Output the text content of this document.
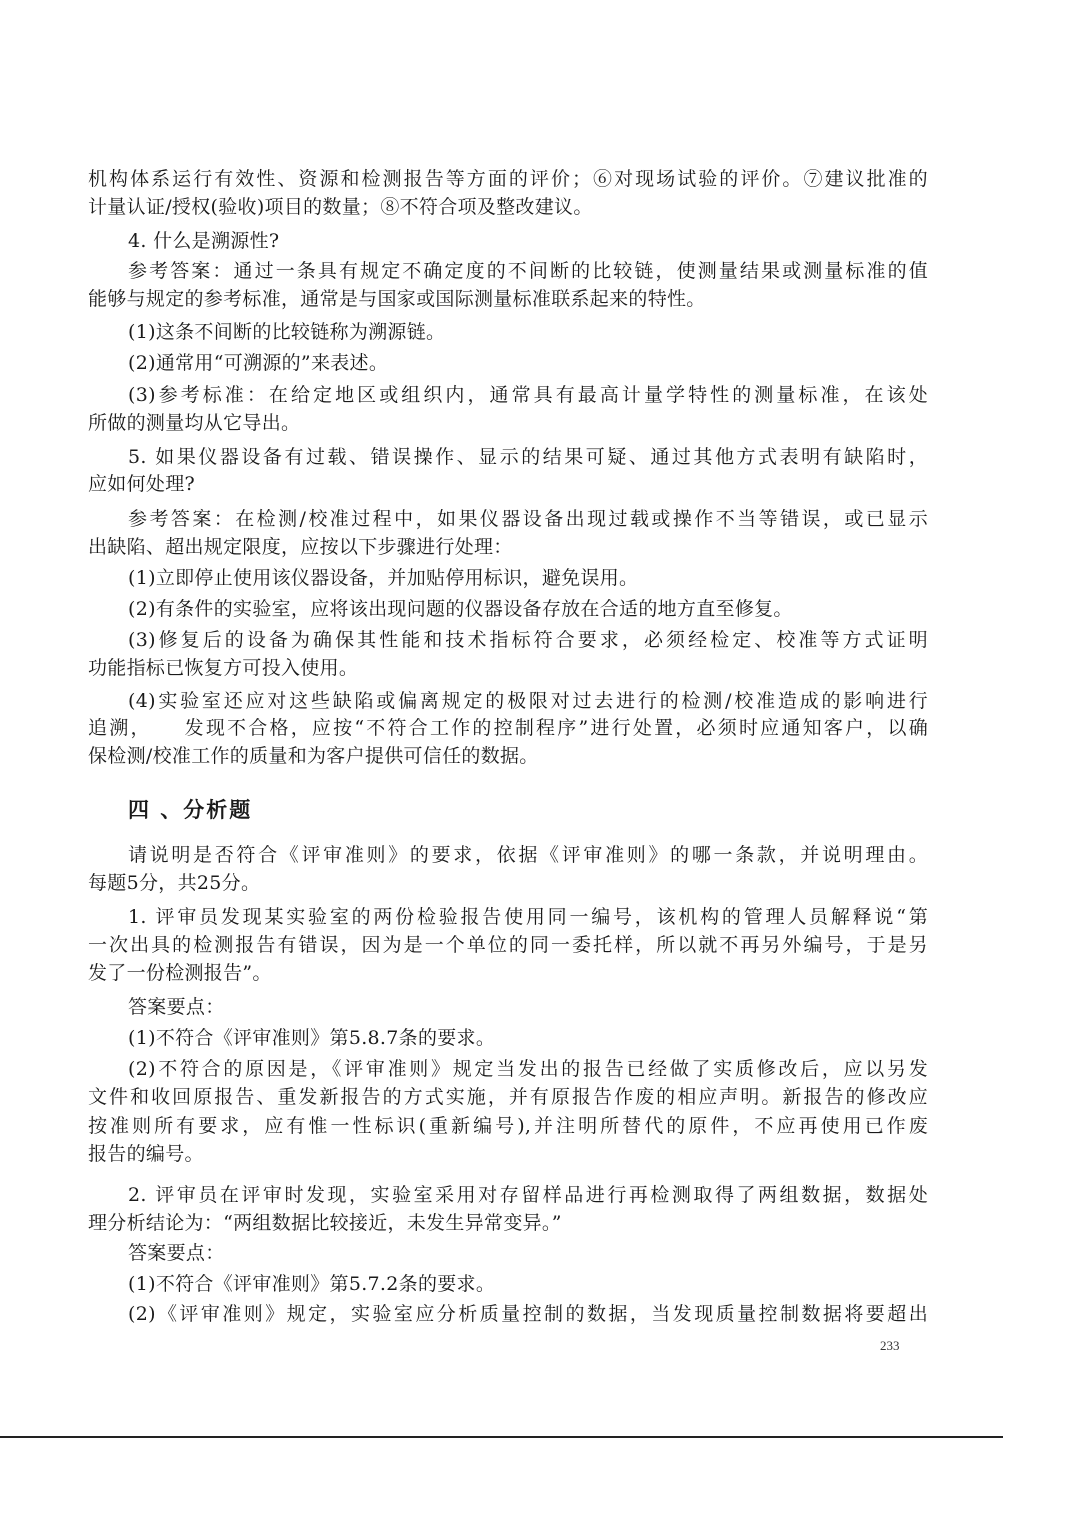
机构体系运行有效性、资源和检测报告等方面的评价；⑥对现场试验的评价。⑦建议批准的
计量认证/授权(验收)项目的数量；⑧不符合项及整改建议。
4. 什么是溯源性?
参考答案：通过一条具有规定不确定度的不间断的比较链，使测量结果或测量标准的值
能够与规定的参考标准，通常是与国家或国际测量标准联系起来的特性。
(1)这条不间断的比较链称为溯源链。
(2)通常用“可溯源的”来表述。
(3)参考标准：在给定地区或组织内，通常具有最高计量学特性的测量标准，在该处
所做的测量均从它导出。
5. 如果仪器设备有过载、错误操作、显示的结果可疑、通过其他方式表明有缺陷时，
应如何处理?
参考答案：在检测/校准过程中，如果仪器设备出现过载或操作不当等错误，或已显示
出缺陷、超出规定限度，应按以下步骤进行处理：
(1)立即停止使用该仪器设备，并加贴停用标识，避免误用。
(2)有条件的实验室，应将该出现问题的仪器设备存放在合适的地方直至修复。
(3)修复后的设备为确保其性能和技术指标符合要求，必须经检定、校准等方式证明
功能指标已恢复方可投入使用。
(4)实验室还应对这些缺陷或偏离规定的极限对过去进行的检测/校准造成的影响进行
追溯，　　发现不合格，应按“不符合工作的控制程序”进行处置，必须时应通知客户，以确
保检测/校准工作的质量和为客户提供可信任的数据。
四 、分析题
请说明是否符合《评审准则》的要求，依据《评审准则》的哪一条款，并说明理由。
每题5分，共25分。
1. 评审员发现某实验室的两份检验报告使用同一编号，该机构的管理人员解释说“第
一次出具的检测报告有错误，因为是一个单位的同一委托样，所以就不再另外编号，于是另
发了一份检测报告”。
答案要点：
(1)不符合《评审准则》第5.8.7条的要求。
(2)不符合的原因是，《评审准则》规定当发出的报告已经做了实质修改后，应以另发
文件和收回原报告、重发新报告的方式实施，并有原报告作废的相应声明。新报告的修改应
按准则所有要求，应有惟一性标识(重新编号),并注明所替代的原件，不应再使用已作废
报告的编号。
2. 评审员在评审时发现，实验室采用对存留样品进行再检测取得了两组数据，数据处
理分析结论为：“两组数据比较接近，未发生异常变异。”
答案要点：
(1)不符合《评审准则》第5.7.2条的要求。
(2)《评审准则》规定，实验室应分析质量控制的数据，当发现质量控制数据将要超出
233
